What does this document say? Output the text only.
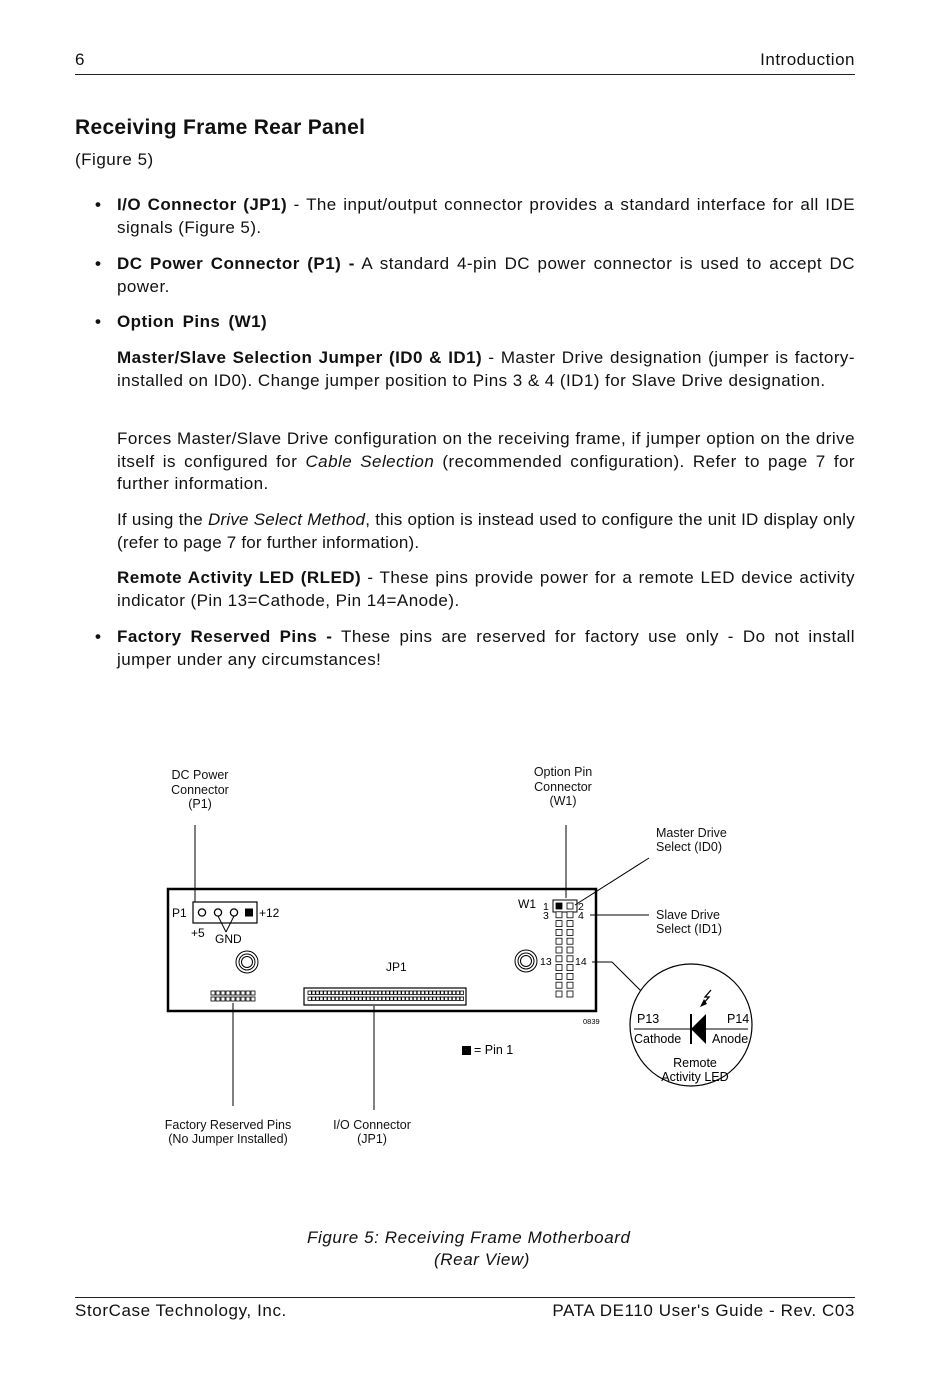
6	Introduction
Receiving Frame Rear Panel
(Figure 5)
• I/O Connector (JP1) - The input/output connector provides a standard interface for all IDE signals (Figure 5).

• DC Power Connector (P1) - A standard 4-pin DC power connector is used to accept DC power.

• Option Pins (W1)

Master/Slave Selection Jumper (ID0 & ID1) - Master Drive designation (jumper is factory-installed on ID0). Change jumper position to Pins 3 & 4 (ID1) for Slave Drive designation.

Forces Master/Slave Drive configuration on the receiving frame, if jumper option on the drive itself is configured for Cable Selection (recommended configuration). Refer to page 7 for further information.

If using the Drive Select Method, this option is instead used to configure the unit ID display only (refer to page 7 for further information).

Remote Activity LED (RLED) - These pins provide power for a remote LED device activity indicator (Pin 13=Cathode, Pin 14=Anode).

• Factory Reserved Pins - These pins are reserved for factory use only - Do not install jumper under any circumstances!

DC Power
Connector
(P1)
Option Pin
Connector
(W1)
Master Drive
Select (ID0)
Slave Drive
Select (ID1)
Factory Reserved Pins
(No Jumper Installed)
I/O Connector
(JP1)
P1	+12
+5 GND
JP1
W1 1	2
3	4
13 14
0839
= Pin 1
P13	P14
Cathode Anode
Remote
Activity LED
Figure 5: Receiving Frame Motherboard
(Rear View)
StorCase Technology, Inc.	PATA DE110 User's Guide - Rev. C03
